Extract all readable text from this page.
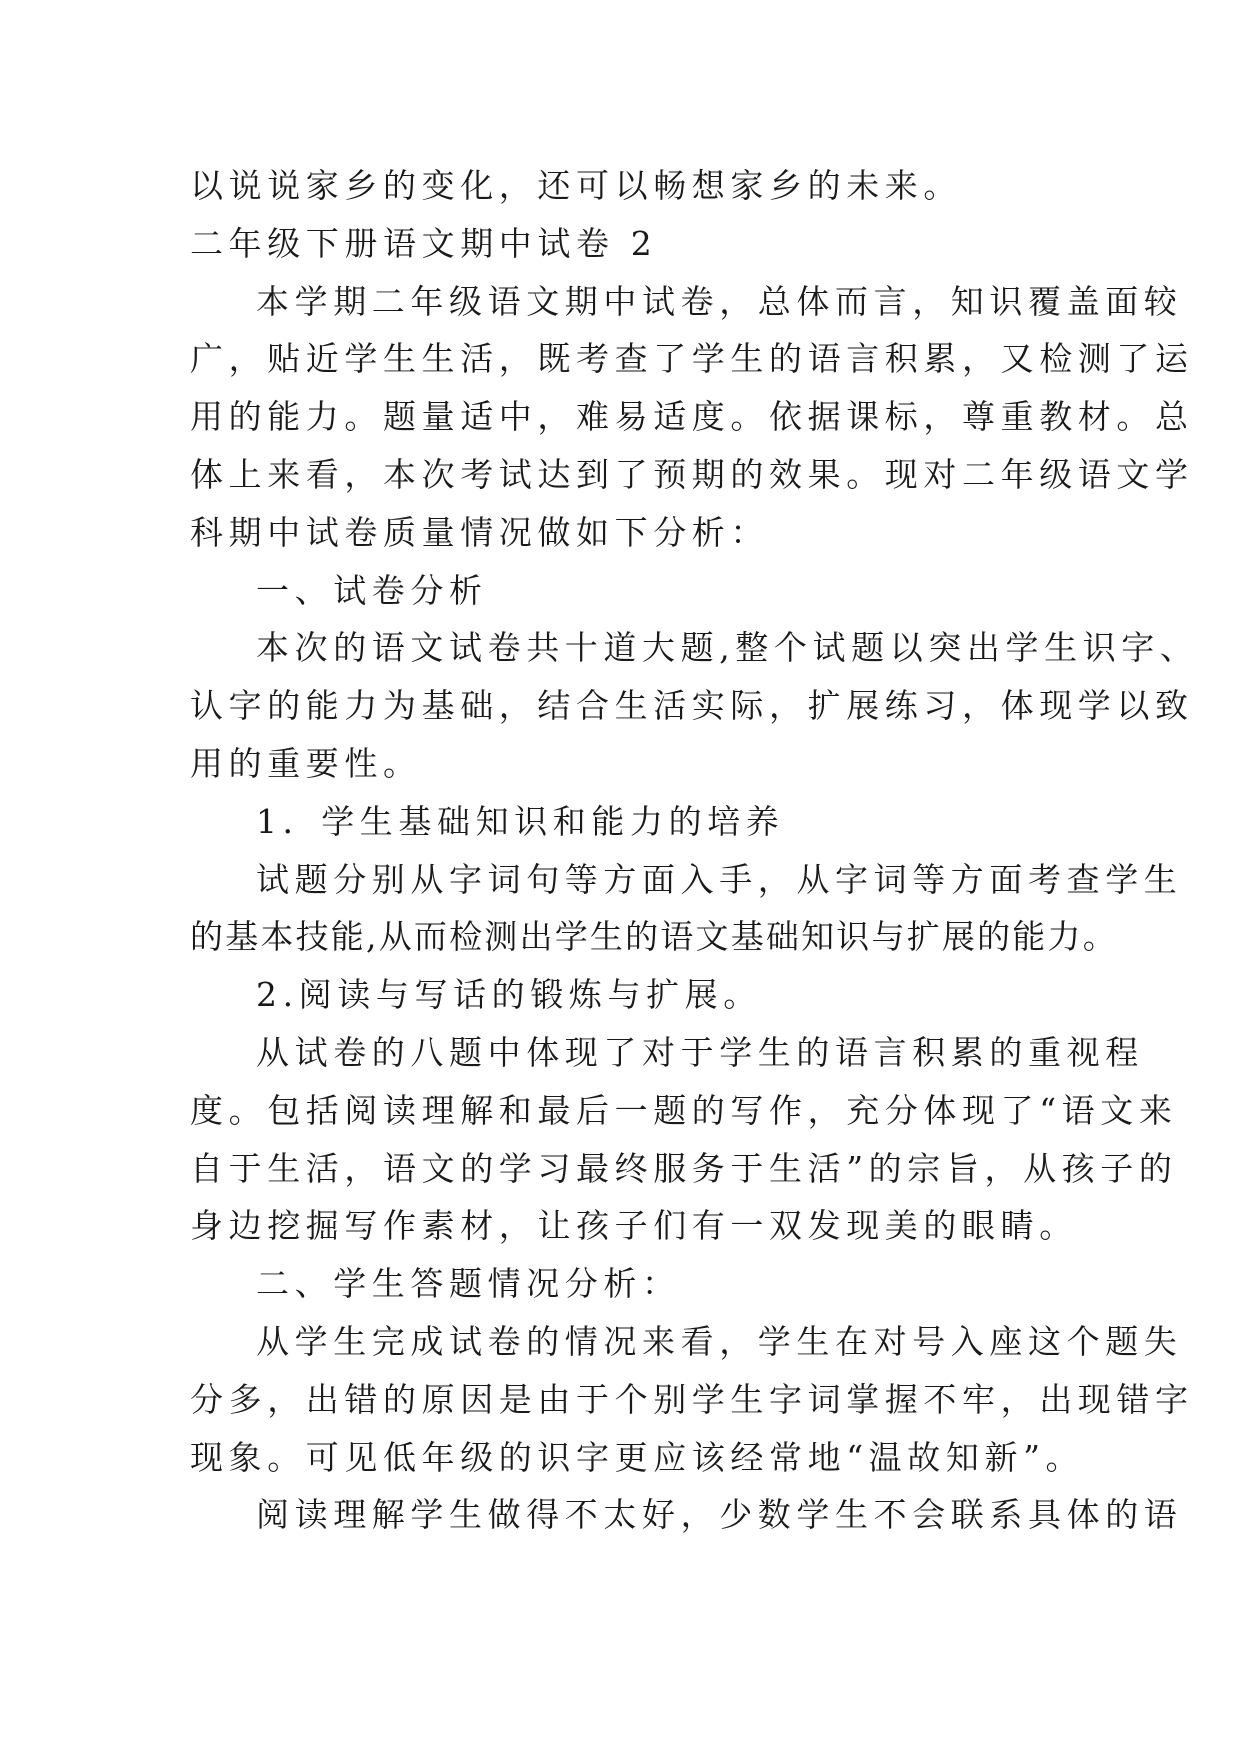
以说说家乡的变化，还可以畅想家乡的未来。

二年级下册语文期中试卷 2

本学期二年级语文期中试卷，总体而言，知识覆盖面较

广，贴近学生生活，既考查了学生的语言积累，又检测了运

用的能力。题量适中，难易适度。依据课标，尊重教材。总

体上来看，本次考试达到了预期的效果。现对二年级语文学

科期中试卷质量情况做如下分析：

一、试卷分析

本次的语文试卷共十道大题,整个试题以突出学生识字、

认字的能力为基础，结合生活实际，扩展练习，体现学以致

用的重要性。

1．学生基础知识和能力的培养

试题分别从字词句等方面入手，从字词等方面考查学生

的基本技能,从而检测出学生的语文基础知识与扩展的能力。

2.阅读与写话的锻炼与扩展。

从试卷的八题中体现了对于学生的语言积累的重视程

度。包括阅读理解和最后一题的写作，充分体现了“语文来

自于生活，语文的学习最终服务于生活”的宗旨，从孩子的

身边挖掘写作素材，让孩子们有一双发现美的眼睛。

二、学生答题情况分析：

从学生完成试卷的情况来看，学生在对号入座这个题失

分多，出错的原因是由于个别学生字词掌握不牢，出现错字

现象。可见低年级的识字更应该经常地“温故知新”。

阅读理解学生做得不太好，少数学生不会联系具体的语
